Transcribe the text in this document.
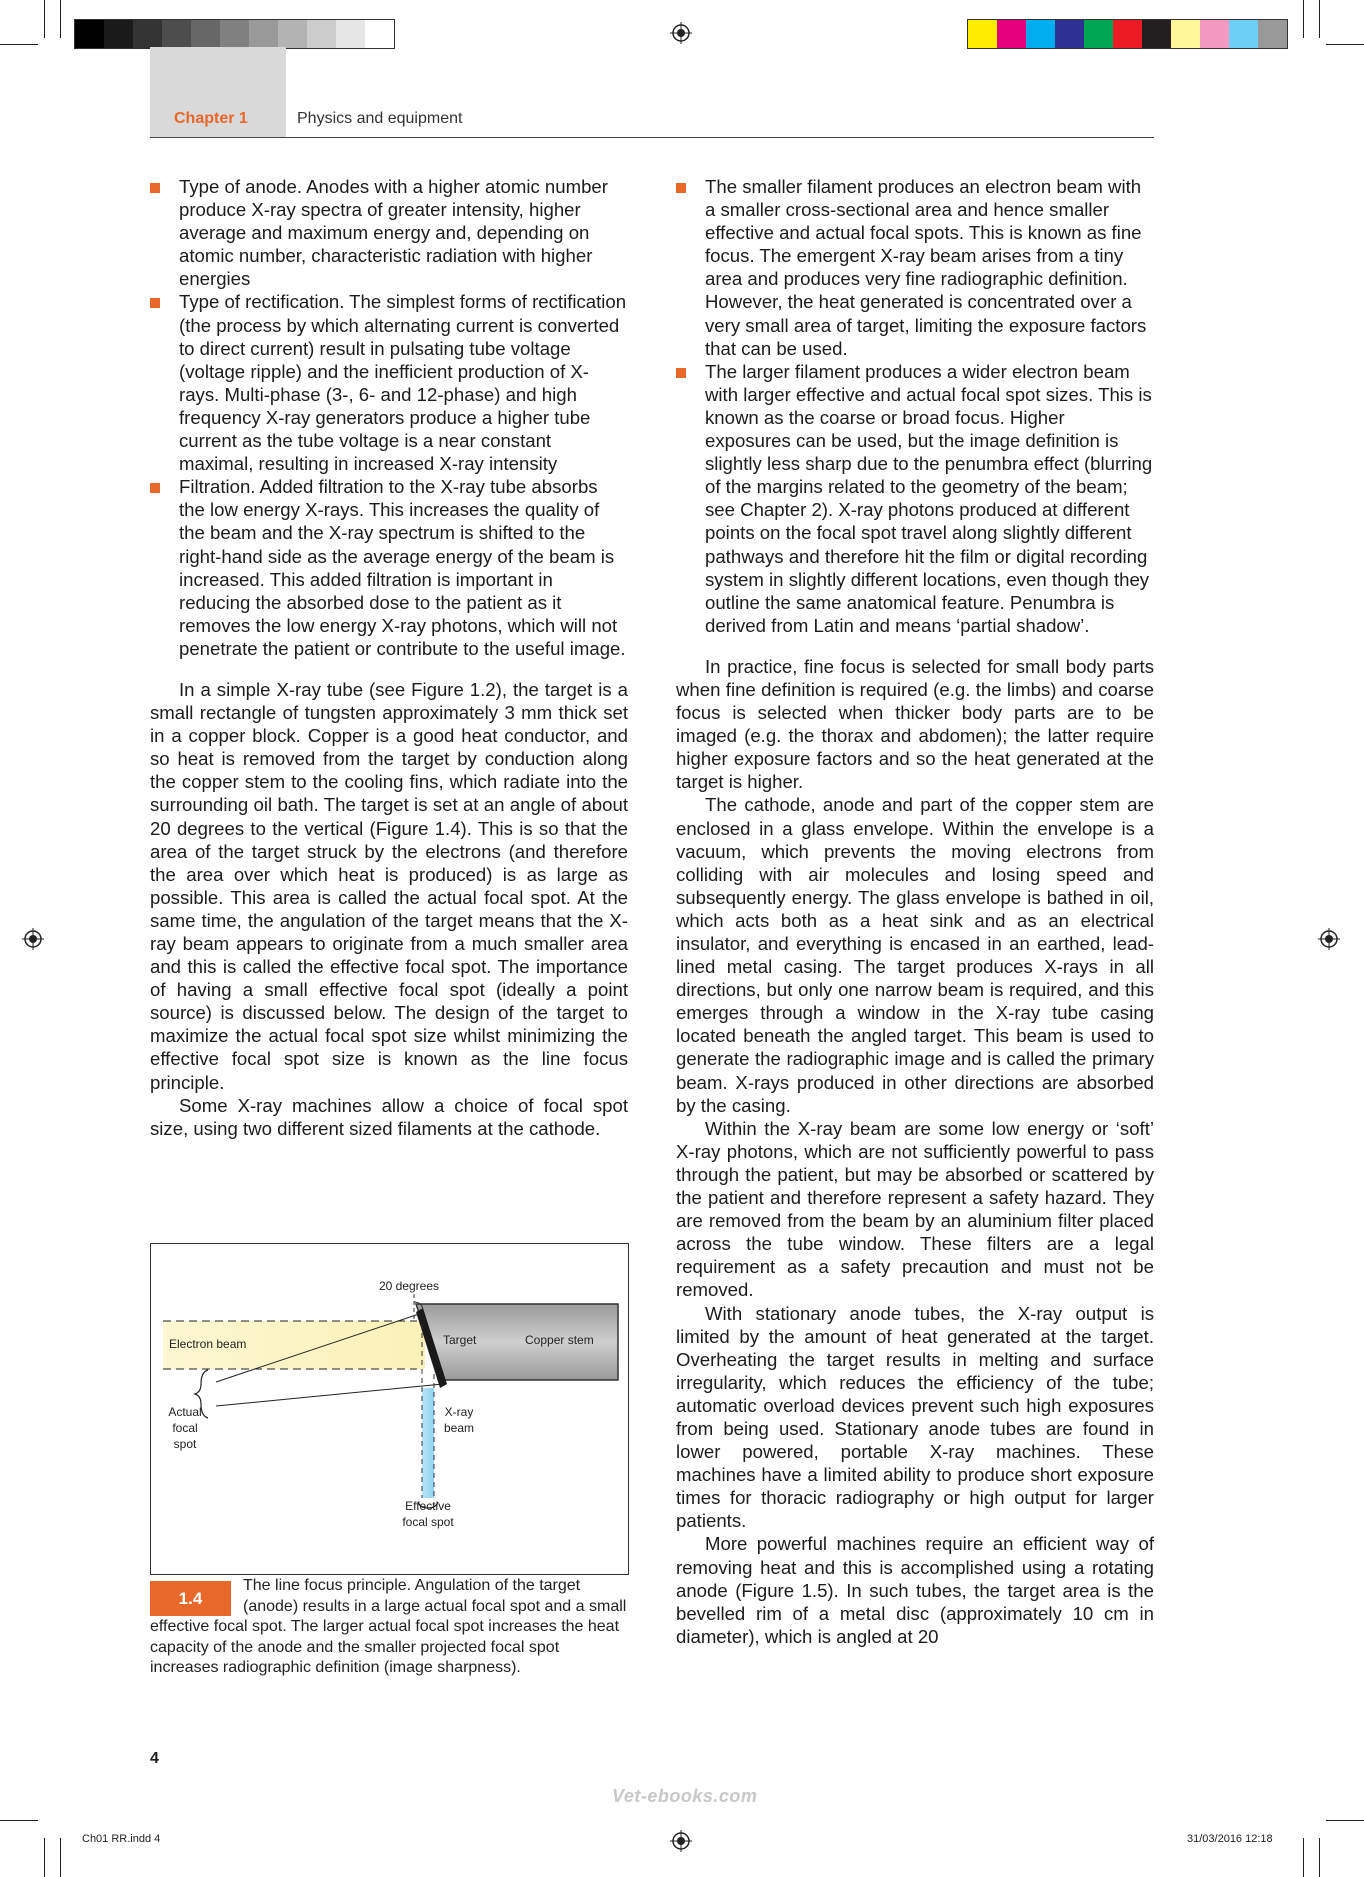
Chapter 1	Physics and equipment
Type of anode. Anodes with a higher atomic number produce X-ray spectra of greater intensity, higher average and maximum energy and, depending on atomic number, characteristic radiation with higher energies
Type of rectification. The simplest forms of rectification (the process by which alternating current is converted to direct current) result in pulsating tube voltage (voltage ripple) and the inefficient production of X-rays. Multi-phase (3-, 6- and 12-phase) and high frequency X-ray generators produce a higher tube current as the tube voltage is a near constant maximal, resulting in increased X-ray intensity
Filtration. Added filtration to the X-ray tube absorbs the low energy X-rays. This increases the quality of the beam and the X-ray spectrum is shifted to the right-hand side as the average energy of the beam is increased. This added filtration is important in reducing the absorbed dose to the patient as it removes the low energy X-ray photons, which will not penetrate the patient or contribute to the useful image.

In a simple X-ray tube (see Figure 1.2), the target is a small rectangle of tungsten approximately 3 mm thick set in a copper block. Copper is a good heat conductor, and so heat is removed from the target by conduction along the copper stem to the cooling fins, which radiate into the surrounding oil bath. The target is set at an angle of about 20 degrees to the vertical (Figure 1.4). This is so that the area of the target struck by the electrons (and therefore the area over which heat is produced) is as large as possible. This area is called the actual focal spot. At the same time, the angulation of the target means that the X-ray beam appears to originate from a much smaller area and this is called the effective focal spot. The importance of having a small effective focal spot (ideally a point source) is discussed below. The design of the target to maximize the actual focal spot size whilst minimizing the effective focal spot size is known as the line focus principle.

Some X-ray machines allow a choice of focal spot size, using two different sized filaments at the cathode.

20 degrees
Electron beam	Target	Copper stem
Actual
focal
spot
X-ray
beam
Effective
focal spot
1.4
The line focus principle. Angulation of the target (anode) results in a large actual focal spot and a small effective focal spot. The larger actual focal spot increases the heat capacity of the anode and the smaller projected focal spot increases radiographic definition (image sharpness).
The smaller filament produces an electron beam with a smaller cross-sectional area and hence smaller effective and actual focal spots. This is known as fine focus. The emergent X-ray beam arises from a tiny area and produces very fine radiographic definition. However, the heat generated is concentrated over a very small area of target, limiting the exposure factors that can be used.
The larger filament produces a wider electron beam with larger effective and actual focal spot sizes. This is known as the coarse or broad focus. Higher exposures can be used, but the image definition is slightly less sharp due to the penumbra effect (blurring of the margins related to the geometry of the beam; see Chapter 2). X-ray photons produced at different points on the focal spot travel along slightly different pathways and therefore hit the film or digital recording system in slightly different locations, even though they outline the same anatomical feature. Penumbra is derived from Latin and means ‘partial shadow’.

In practice, fine focus is selected for small body parts when fine definition is required (e.g. the limbs) and coarse focus is selected when thicker body parts are to be imaged (e.g. the thorax and abdomen); the latter require higher exposure factors and so the heat generated at the target is higher.

The cathode, anode and part of the copper stem are enclosed in a glass envelope. Within the envelope is a vacuum, which prevents the moving electrons from colliding with air molecules and losing speed and subsequently energy. The glass envelope is bathed in oil, which acts both as a heat sink and as an electrical insulator, and everything is encased in an earthed, lead-lined metal casing. The target produces X-rays in all directions, but only one narrow beam is required, and this emerges through a window in the X-ray tube casing located beneath the angled target. This beam is used to generate the radiographic image and is called the primary beam. X-rays produced in other directions are absorbed by the casing.

Within the X-ray beam are some low energy or ‘soft’ X-ray photons, which are not sufficiently powerful to pass through the patient, but may be absorbed or scattered by the patient and therefore represent a safety hazard. They are removed from the beam by an aluminium filter placed across the tube window. These filters are a legal requirement as a safety precaution and must not be removed.

With stationary anode tubes, the X-ray output is limited by the amount of heat generated at the target. Overheating the target results in melting and surface irregularity, which reduces the efficiency of the tube; automatic overload devices prevent such high exposures from being used. Stationary anode tubes are found in lower powered, portable X-ray machines. These machines have a limited ability to produce short exposure times for thoracic radiography or high output for larger patients.

More powerful machines require an efficient way of removing heat and this is accomplished using a rotating anode (Figure 1.5). In such tubes, the target area is the bevelled rim of a metal disc (approximately 10 cm in diameter), which is angled at 20

4
Vet-ebooks.com
Ch01 RR.indd 4	31/03/2016 12:18
